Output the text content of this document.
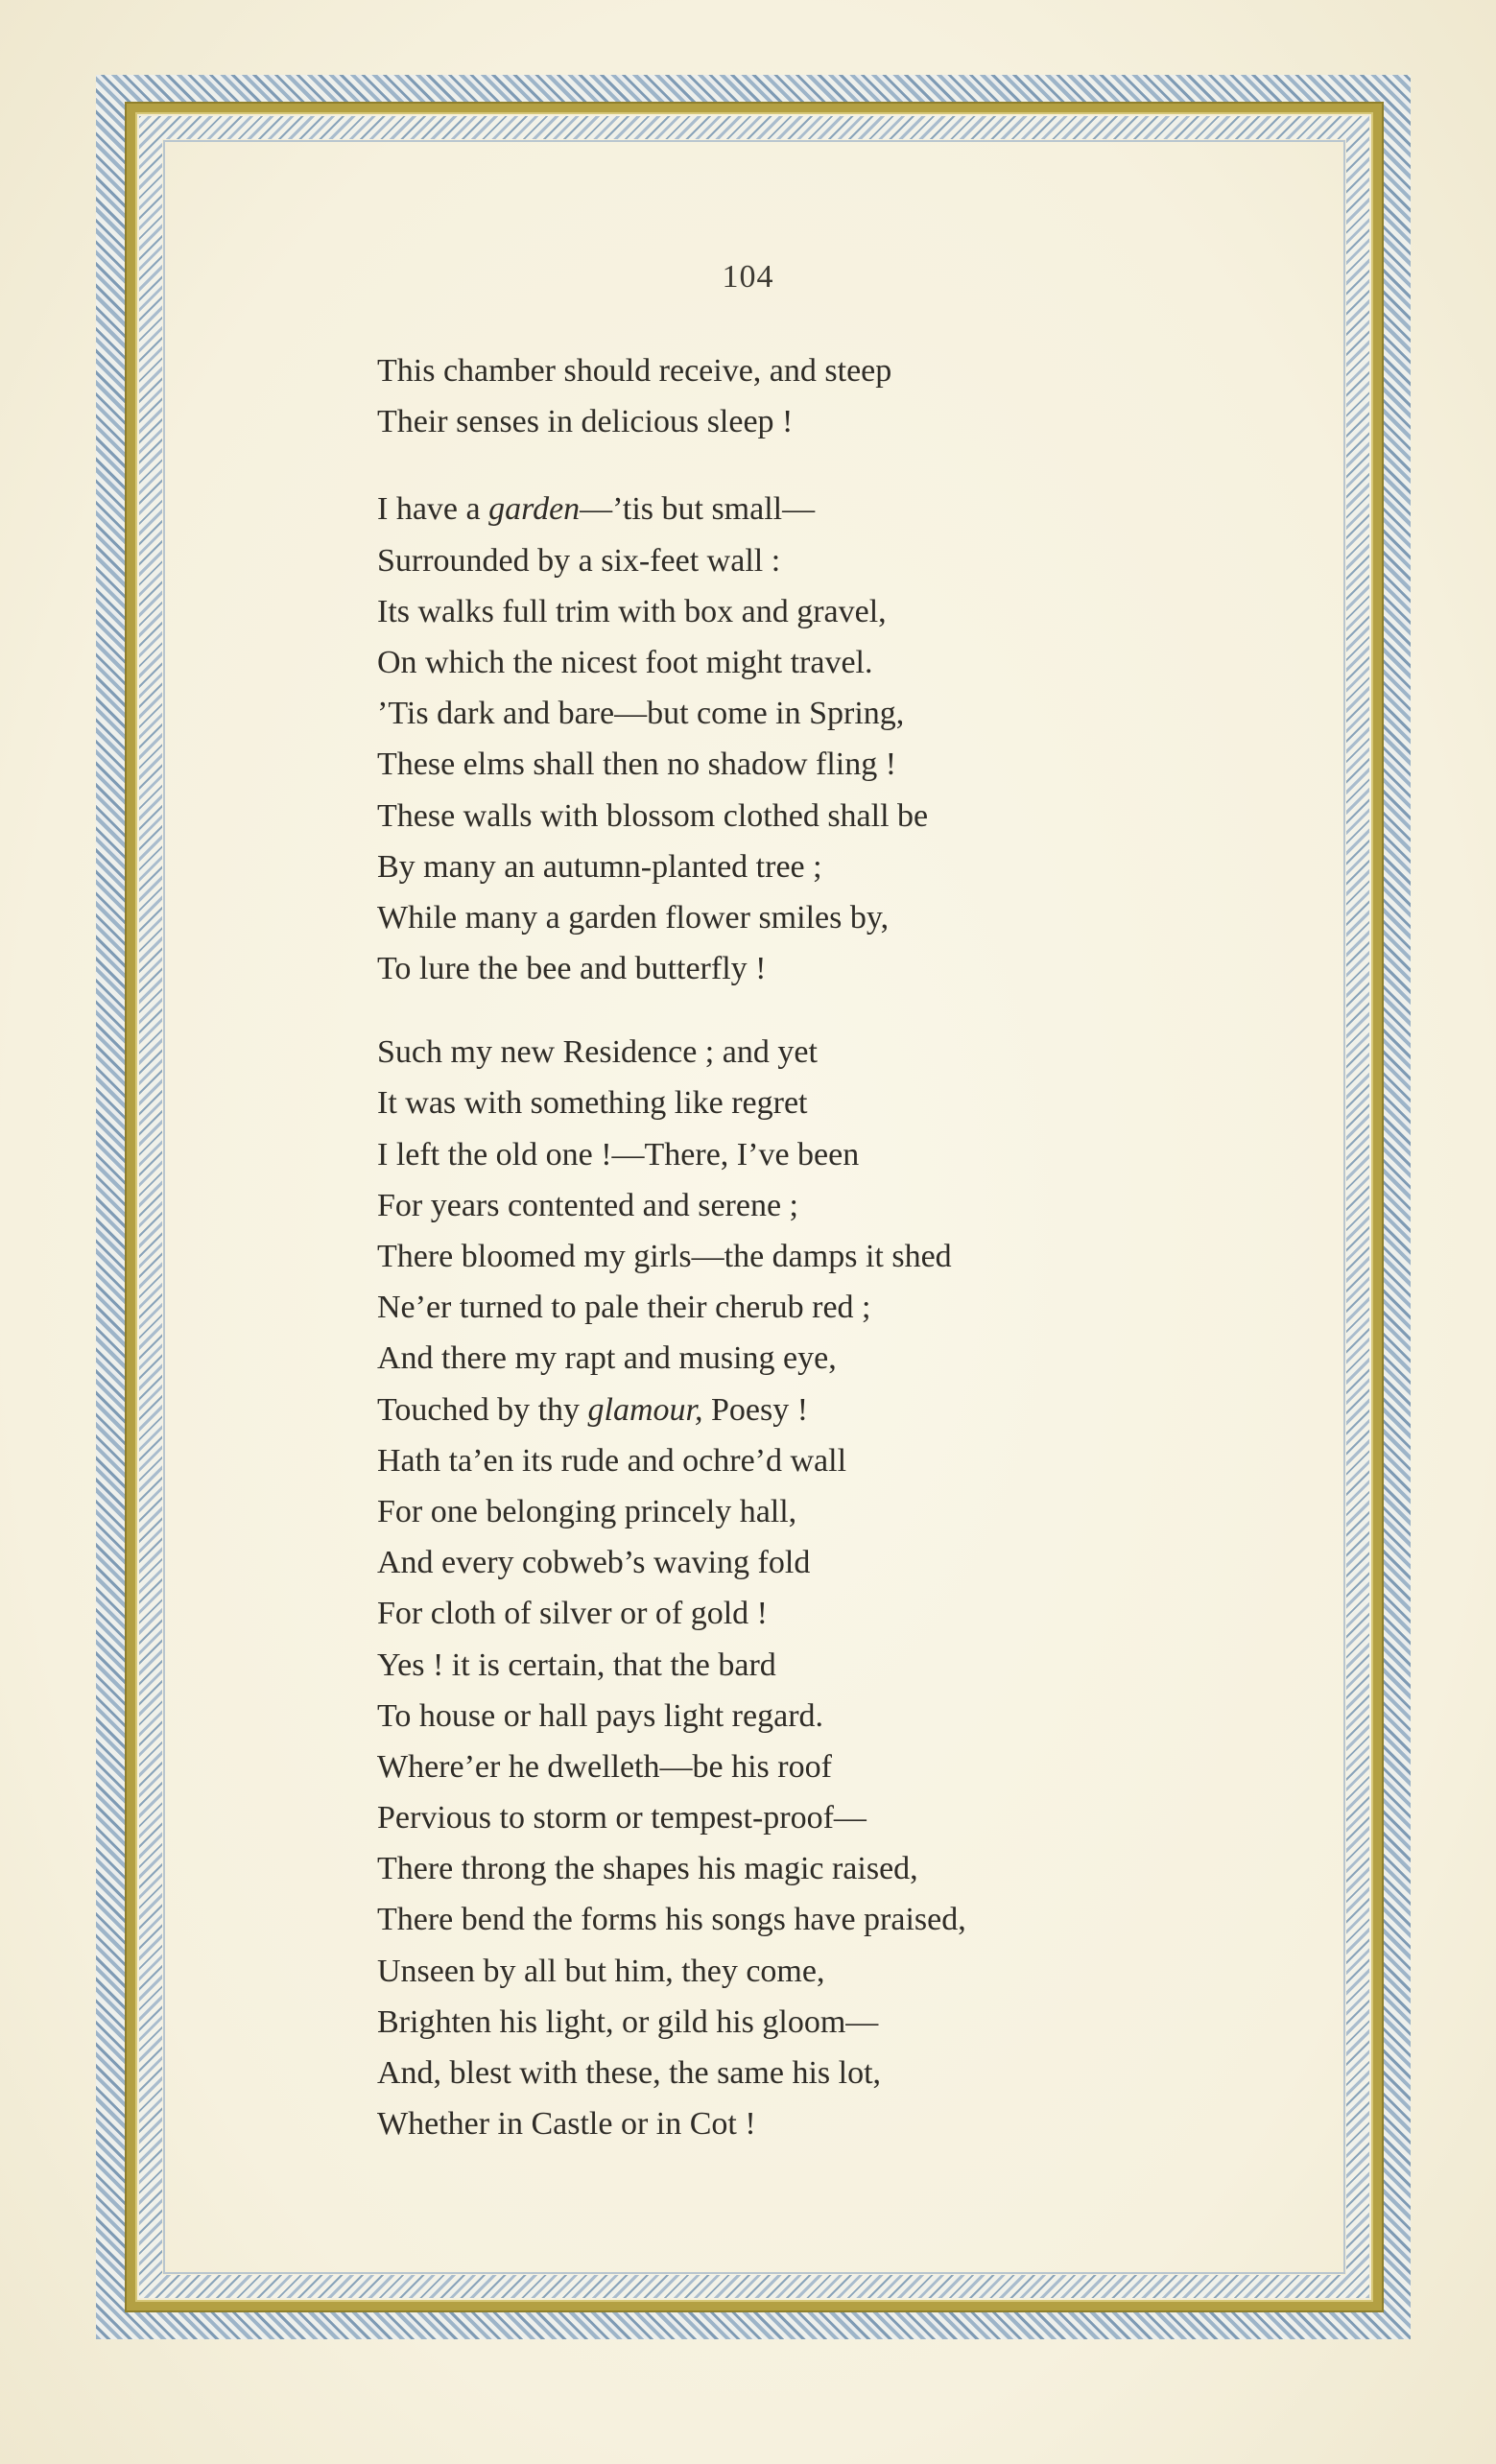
104
This chamber should receive, and steep
Their senses in delicious sleep !
I have a garden—’tis but small—
Surrounded by a six-feet wall :
Its walks full trim with box and gravel,
On which the nicest foot might travel.
’Tis dark and bare—but come in Spring,
These elms shall then no shadow fling !
These walls with blossom clothed shall be
By many an autumn-planted tree ;
While many a garden flower smiles by,
To lure the bee and butterfly !
Such my new Residence ; and yet
It was with something like regret
I left the old one !—There, I’ve been
For years contented and serene ;
There bloomed my girls—the damps it shed
Ne’er turned to pale their cherub red ;
And there my rapt and musing eye,
Touched by thy glamour, Poesy !
Hath ta’en its rude and ochre’d wall
For one belonging princely hall,
And every cobweb’s waving fold
For cloth of silver or of gold !
Yes ! it is certain, that the bard
To house or hall pays light regard.
Where’er he dwelleth—be his roof
Pervious to storm or tempest-proof—
There throng the shapes his magic raised,
There bend the forms his songs have praised,
Unseen by all but him, they come,
Brighten his light, or gild his gloom—
And, blest with these, the same his lot,
Whether in Castle or in Cot !
